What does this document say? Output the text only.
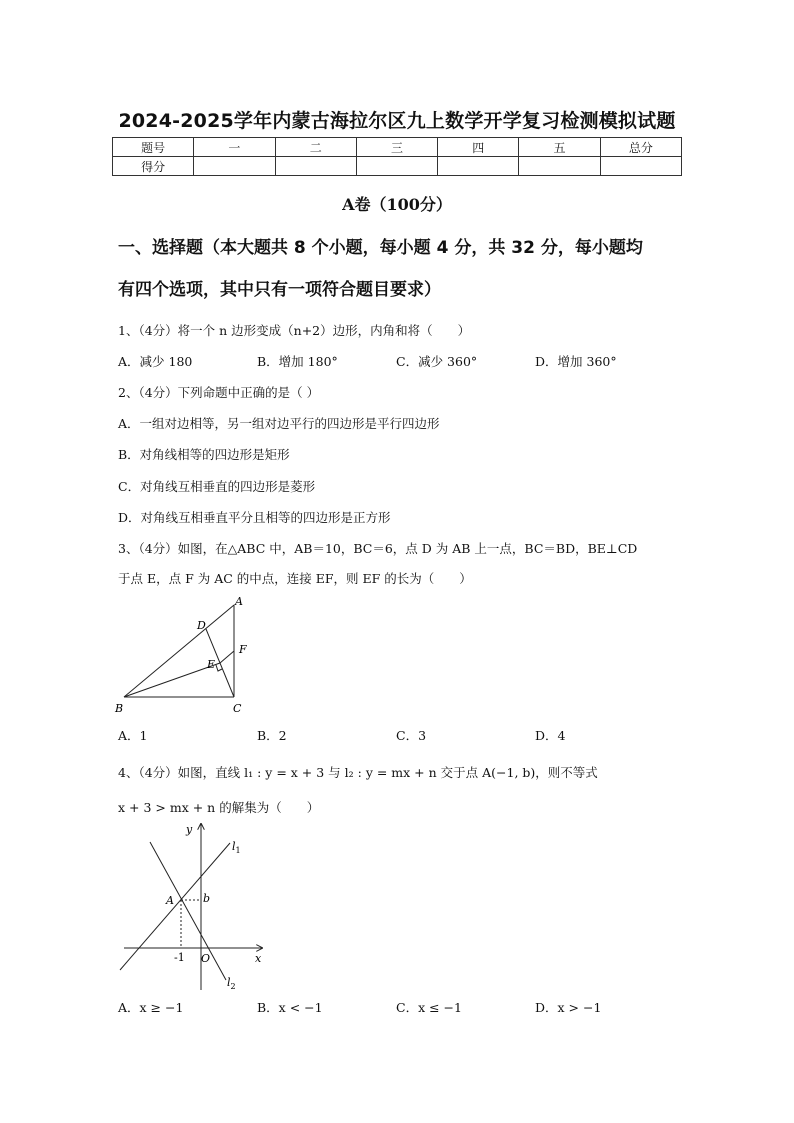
2024-2025学年内蒙古海拉尔区九上数学开学复习检测模拟试题
题号	一	二	三	四	五	总分
得分						
A卷（100分）
一、选择题（本大题共 8 个小题，每小题 4 分，共 32 分，每小题均
有四个选项，其中只有一项符合题目要求）
1、（4分）将一个 n 边形变成（n+2）边形，内角和将（　　）
A．减少 180	B．增加 180°	C．减少 360°	D．增加 360°
2、（4分）下列命题中正确的是（ ）
A．一组对边相等，另一组对边平行的四边形是平行四边形
B．对角线相等的四边形是矩形
C．对角线互相垂直的四边形是菱形
D．对角线互相垂直平分且相等的四边形是正方形
3、（4分）如图，在△ABC 中，AB＝10，BC＝6，点 D 为 AB 上一点，BC＝BD，BE⊥CD
于点 E，点 F 为 AC 的中点，连接 EF，则 EF 的长为（　　）
A
B	C
D
E
F
A．1	B．2	C．3	D．4
4、（4分）如图，直线 l₁ : y = x + 3 与 l₂ : y = mx + n 交于点 A(−1, b)，则不等式
x + 3 > mx + n 的解集为（　　）
y
x
O
A	b
-1
$l_1$
$l_2$
A．x ≥ −1	B．x < −1	C．x ≤ −1	D．x > −1
